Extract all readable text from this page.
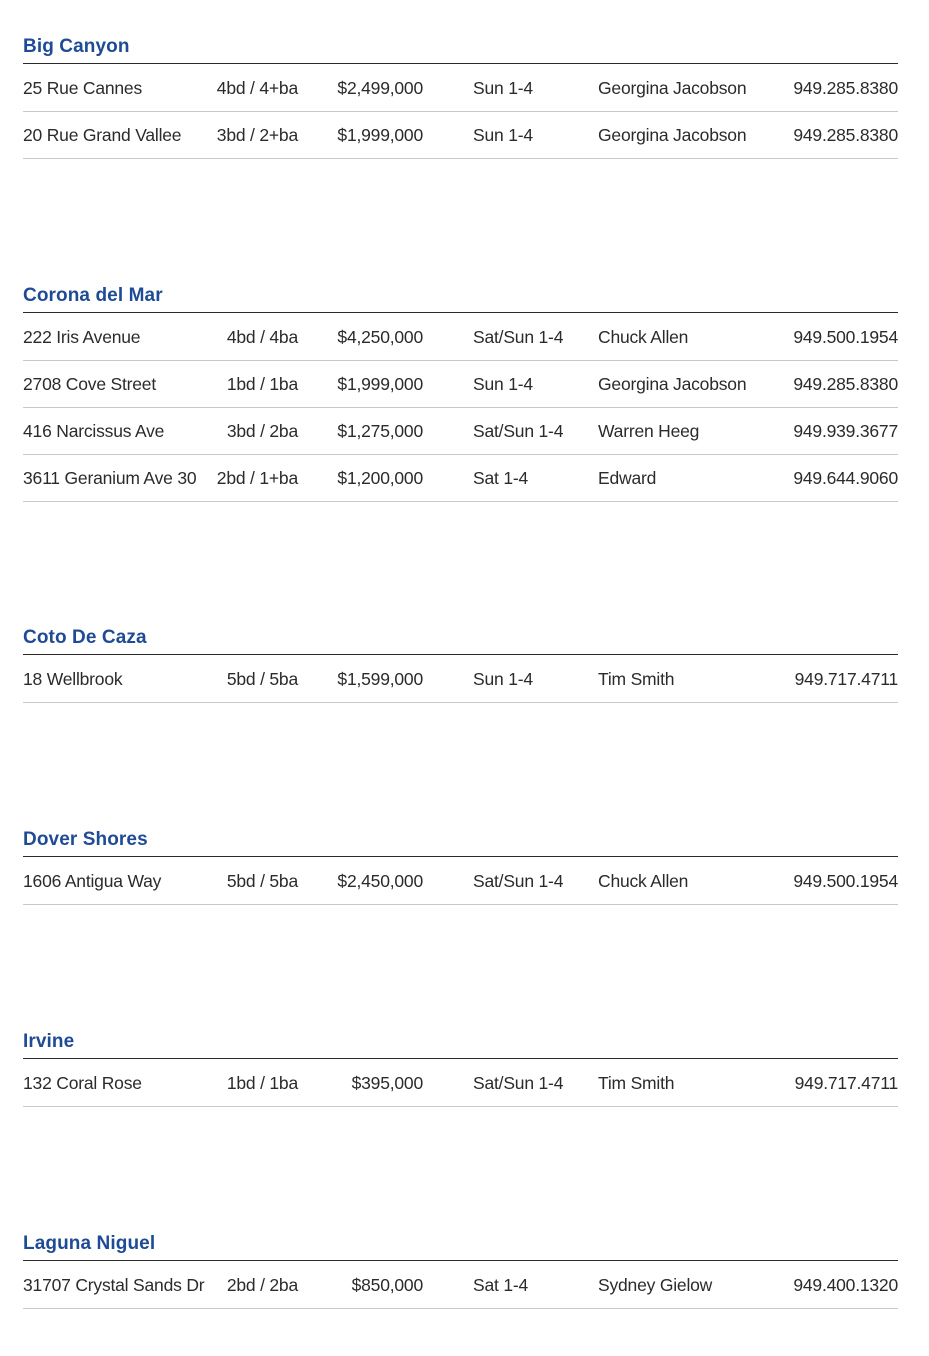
Big Canyon
25 Rue Cannes	4bd / 4+ba $2,499,000	Sun 1-4	Georgina Jacobson	949.285.8380
20 Rue Grand Vallee 3bd / 2+ba $1,999,000	Sun 1-4	Georgina Jacobson	949.285.8380
Corona del Mar
222 Iris Avenue	4bd / 4ba $4,250,000	Sat/Sun 1-4 Chuck Allen	949.500.1954
2708 Cove Street	1bd / 1ba $1,999,000	Sun 1-4	Georgina Jacobson	949.285.8380
416 Narcissus Ave	3bd / 2ba $1,275,000	Sat/Sun 1-4 Warren Heeg	949.939.3677
3611 Geranium Ave 30 2bd / 1+ba $1,200,000	Sat 1-4	Edward	949.644.9060
Coto De Caza
18 Wellbrook	5bd / 5ba $1,599,000	Sun 1-4	Tim Smith	949.717.4711
Dover Shores
1606 Antigua Way	5bd / 5ba $2,450,000	Sat/Sun 1-4 Chuck Allen	949.500.1954
Irvine
132 Coral Rose	1bd / 1ba	$395,000	Sat/Sun 1-4 Tim Smith	949.717.4711
Laguna Niguel
31707 Crystal Sands Dr 2bd / 2ba	$850,000	Sat 1-4	Sydney Gielow	949.400.1320
